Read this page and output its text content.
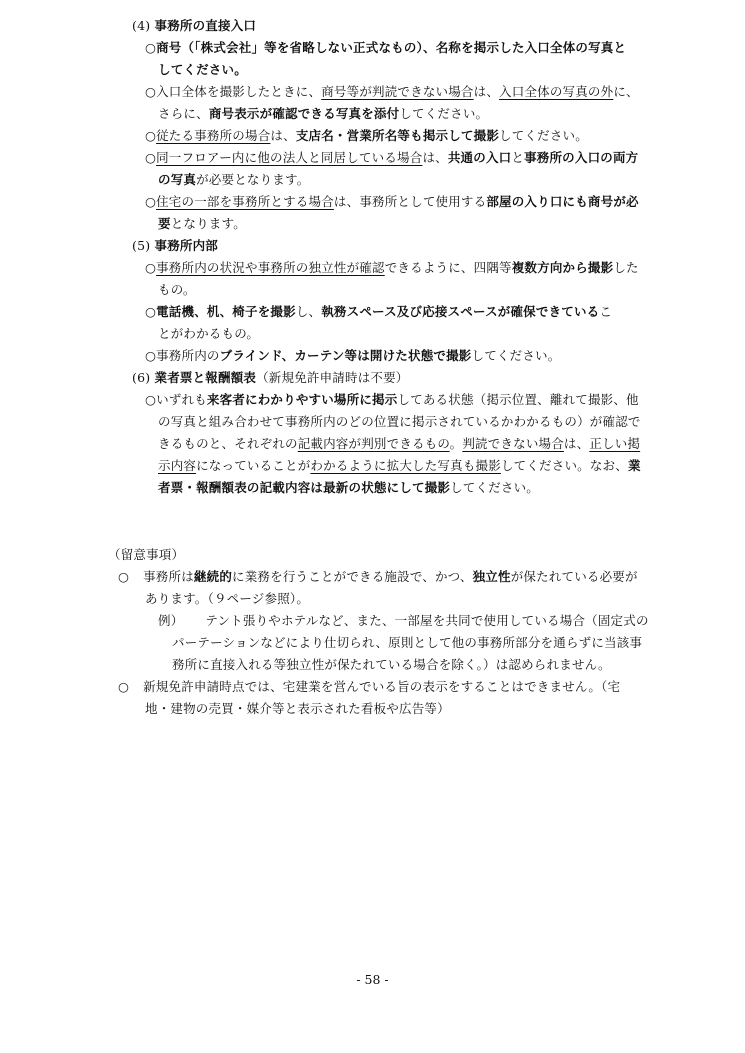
(4) 事務所の直接入口
○商号（「株式会社」等を省略しない正式なもの）、名称を掲示した入口全体の写真と
してください。
○入口全体を撮影したときに、商号等が判読できない場合は、入口全体の写真の外に、
さらに、商号表示が確認できる写真を添付してください。
○従たる事務所の場合は、支店名・営業所名等も掲示して撮影してください。
○同一フロアー内に他の法人と同居している場合は、共通の入口と事務所の入口の両方
の写真が必要となります。
○住宅の一部を事務所とする場合は、事務所として使用する部屋の入り口にも商号が必
要となります。
(5) 事務所内部
○事務所内の状況や事務所の独立性が確認できるように、四隅等複数方向から撮影した
もの。
○電話機、机、椅子を撮影し、執務スペース及び応接スペースが確保できているこ
とがわかるもの。
○事務所内のブラインド、カーテン等は開けた状態で撮影してください。
(6) 業者票と報酬額表（新規免許申請時は不要）
○いずれも来客者にわかりやすい場所に掲示してある状態（掲示位置、離れて撮影、他
の写真と組み合わせて事務所内のどの位置に掲示されているかわかるもの）が確認で
きるものと、それぞれの記載内容が判別できるもの。判読できない場合は、正しい掲
示内容になっていることがわかるように拡大した写真も撮影してください。なお、業
者票・報酬額表の記載内容は最新の状態にして撮影してください。
（留意事項）
○ 事務所は継続的に業務を行うことができる施設で、かつ、独立性が保たれている必要が
あります。（９ページ参照）。
例） テント張りやホテルなど、また、一部屋を共同で使用している場合（固定式の
パーテーションなどにより仕切られ、原則として他の事務所部分を通らずに当該事
務所に直接入れる等独立性が保たれている場合を除く。）は認められません。
○ 新規免許申請時点では、宅建業を営んでいる旨の表示をすることはできません。（宅
地・建物の売買・媒介等と表示された看板や広告等）
- 58 -
